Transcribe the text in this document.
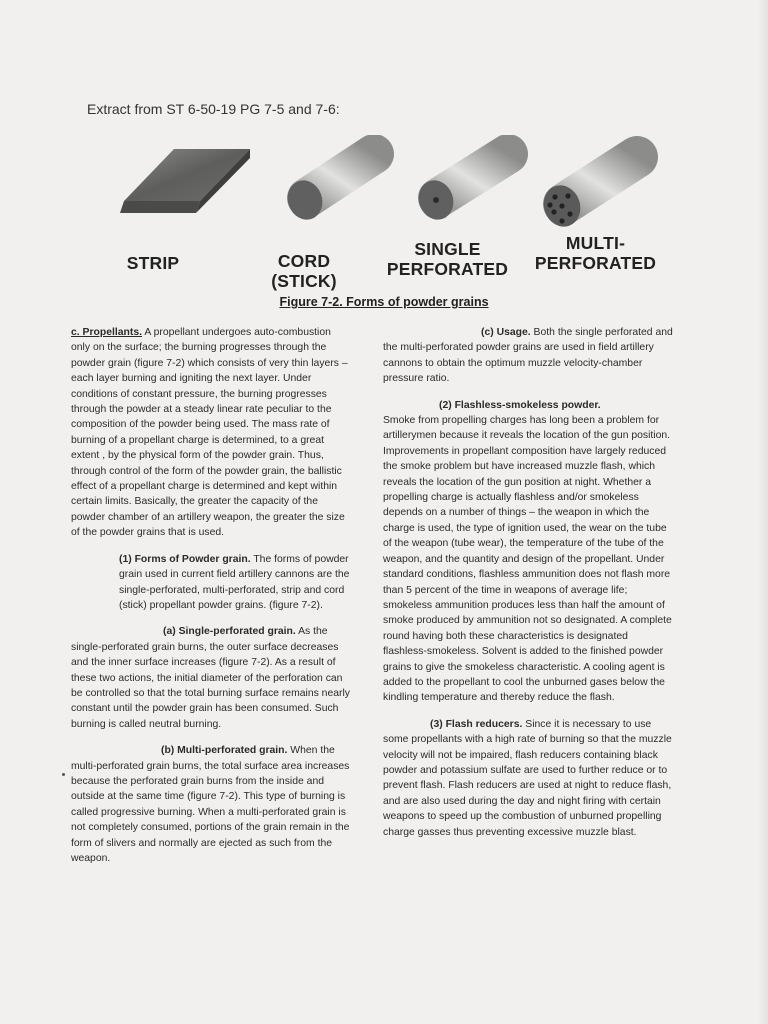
Extract from ST 6-50-19 PG 7-5 and 7-6:
STRIP	CORD (STICK)
SINGLE
PERFORATED
MULTI-
PERFORATED
Figure 7-2. Forms of powder grains

c. Propellants. A propellant undergoes auto-combustion only on the surface; the burning progresses through the powder grain (figure 7-2) which consists of very thin layers – each layer burning and igniting the next layer. Under conditions of constant pressure, the burning progresses through the powder at a steady linear rate peculiar to the composition of the powder being used. The mass rate of burning of a propellant charge is determined, to a great extent , by the physical form of the powder grain. Thus, through control of the form of the powder grain, the ballistic effect of a propellant charge is determined and kept within certain limits. Basically, the greater the capacity of the powder chamber of an artillery weapon, the greater the size of the powder grains that is used.

(1) Forms of Powder grain. The forms of powder grain used in current field artillery cannons are the single-perforated, multi-perforated, strip and cord (stick) propellant powder grains. (figure 7-2).

(a) Single-perforated grain. As the single-perforated grain burns, the outer surface decreases and the inner surface increases (figure 7-2). As a result of these two actions, the initial diameter of the perforation can be controlled so that the total burning surface remains nearly constant until the powder grain has been consumed. Such burning is called neutral burning.

(b) Multi-perforated grain. When the multi-perforated grain burns, the total surface area increases because the perforated grain burns from the inside and outside at the same time (figure 7-2). This type of burning is called progressive burning. When a multi-perforated grain is not completely consumed, portions of the grain remain in the form of slivers and normally are ejected as such from the weapon.

(c) Usage. Both the single perforated and the multi-perforated powder grains are used in field artillery cannons to obtain the optimum muzzle velocity-chamber pressure ratio.

(2) Flashless-smokeless powder.
Smoke from propelling charges has long been a problem for artillerymen because it reveals the location of the gun position. Improvements in propellant composition have largely reduced the smoke problem but have increased muzzle flash, which reveals the location of the gun position at night. Whether a propelling charge is actually flashless and/or smokeless depends on a number of things – the weapon in which the charge is used, the type of ignition used, the wear on the tube of the weapon (tube wear), the temperature of the tube of the weapon, and the quantity and design of the propellant. Under standard conditions, flashless ammunition does not flash more than 5 percent of the time in weapons of average life; smokeless ammunition produces less than half the amount of smoke produced by ammunition not so designated. A complete round having both these characteristics is designated flashless-smokeless. Solvent is added to the finished powder grains to give the smokeless characteristic. A cooling agent is added to the propellant to cool the unburned gases below the kindling temperature and thereby reduce the flash.

(3) Flash reducers. Since it is necessary to use some propellants with a high rate of burning so that the muzzle velocity will not be impaired, flash reducers containing black powder and potassium sulfate are used to further reduce or to prevent flash. Flash reducers are used at night to reduce flash, and are also used during the day and night firing with certain weapons to speed up the combustion of unburned propelling charge gasses thus preventing excessive muzzle blast.
